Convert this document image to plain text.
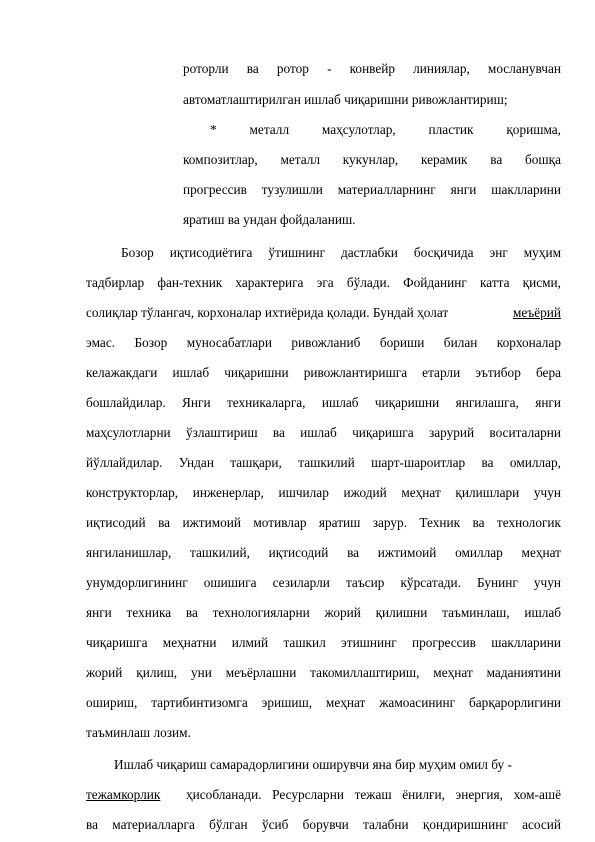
роторли ва ротор - конвейр линиялар, мосланувчан
автоматлаштирилган ишлаб чиқаришни ривожлантириш;
* металл маҳсулотлар, пластик қоришма,
композитлар, металл кукунлар, керамик ва бошқа
прогрессив тузулишли материалларнинг янги шаклларини
яратиш ва ундан фойдаланиш.
Бозор иқтисодиётига ўтишнинг дастлабки босқичида энг муҳим
тадбирлар фан-техник характерига эга бўлади. Фойданинг катта қисми,
солиқлар тўлангач, корхоналар ихтиёрида қолади. Бундай ҳолат	меъёрий
эмас. Бозор муносабатлари ривожланиб бориши билан корхоналар
келажакдаги ишлаб чиқаришни ривожлантиришга етарли эътибор бера
бошлайдилар. Янги техникаларга, ишлаб чиқаришни янгилашга, янги
маҳсулотларни ўзлаштириш ва ишлаб чиқаришга зарурий воситаларни
йўллайдилар. Ундан ташқари, ташкилий шарт-шароитлар ва омиллар,
конструкторлар, инженерлар, ишчилар ижодий меҳнат қилишлари учун
иқтисодий ва ижтимоий мотивлар яратиш зарур. Техник ва технологик
янгиланишлар, ташкилий, иқтисодий ва ижтимоий омиллар меҳнат
унумдорлигининг ошишига сезиларли таъсир кўрсатади. Бунинг учун
янги техника ва технологияларни жорий қилишни таъминлаш, ишлаб
чиқаришга меҳнатни илмий ташкил этишнинг прогрессив шаклларини
жорий қилиш, уни меъёрлашни такомиллаштириш, меҳнат маданиятини
ошириш, тартибинтизомга эришиш, меҳнат жамоасининг барқарорлигини
таъминлаш лозим.
Ишлаб чиқариш самарадорлигини оширувчи яна бир муҳим омил бу -
тежамкорлик	ҳисобланади. Ресурсларни тежаш ёнилғи, энергия, хом-ашё
ва материалларга бўлган ўсиб борувчи талабни қондиришнинг асосий
